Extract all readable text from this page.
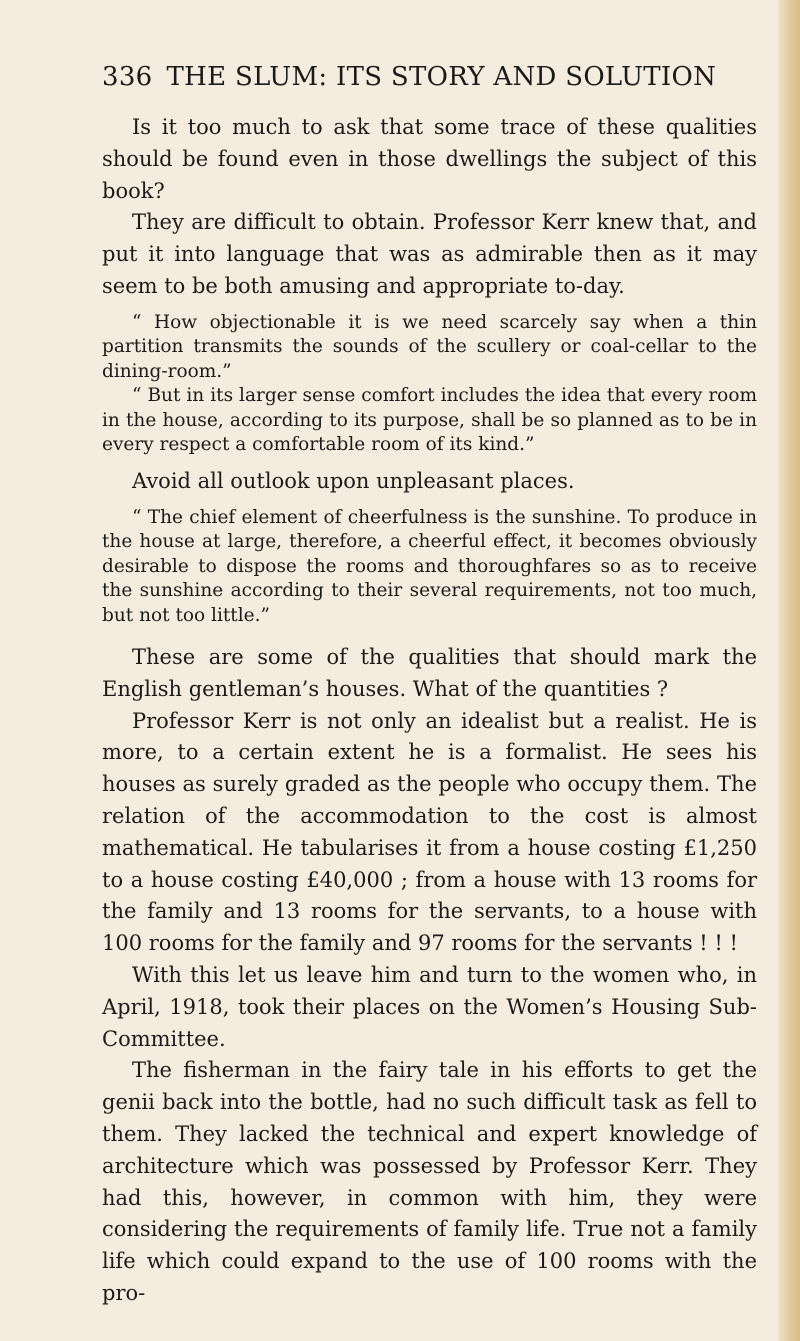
336 THE SLUM: ITS STORY AND SOLUTION

Is it too much to ask that some trace of these qualities should be found even in those dwellings the subject of this book?

They are difficult to obtain. Professor Kerr knew that, and put it into language that was as admirable then as it may seem to be both amusing and appropriate to-day.

“ How objectionable it is we need scarcely say when a thin partition transmits the sounds of the scullery or coal-cellar to the dining-room.”

“ But in its larger sense comfort includes the idea that every room in the house, according to its purpose, shall be so planned as to be in every respect a comfortable room of its kind.”

Avoid all outlook upon unpleasant places.

“ The chief element of cheerfulness is the sunshine. To produce in the house at large, therefore, a cheerful effect, it becomes obviously desirable to dispose the rooms and thoroughfares so as to receive the sunshine according to their several requirements, not too much, but not too little.”

These are some of the qualities that should mark the English gentleman’s houses. What of the quantities ?

Professor Kerr is not only an idealist but a realist. He is more, to a certain extent he is a formalist. He sees his houses as surely graded as the people who occupy them. The relation of the accommodation to the cost is almost mathematical. He tabularises it from a house costing £1,250 to a house costing £40,000 ; from a house with 13 rooms for the family and 13 rooms for the servants, to a house with 100 rooms for the family and 97 rooms for the servants ! ! !

With this let us leave him and turn to the women who, in April, 1918, took their places on the Women’s Housing Sub-Committee.

The fisherman in the fairy tale in his efforts to get the genii back into the bottle, had no such difficult task as fell to them. They lacked the technical and expert knowledge of architecture which was possessed by Professor Kerr. They had this, however, in common with him, they were considering the requirements of family life. True not a family life which could expand to the use of 100 rooms with the pro-
